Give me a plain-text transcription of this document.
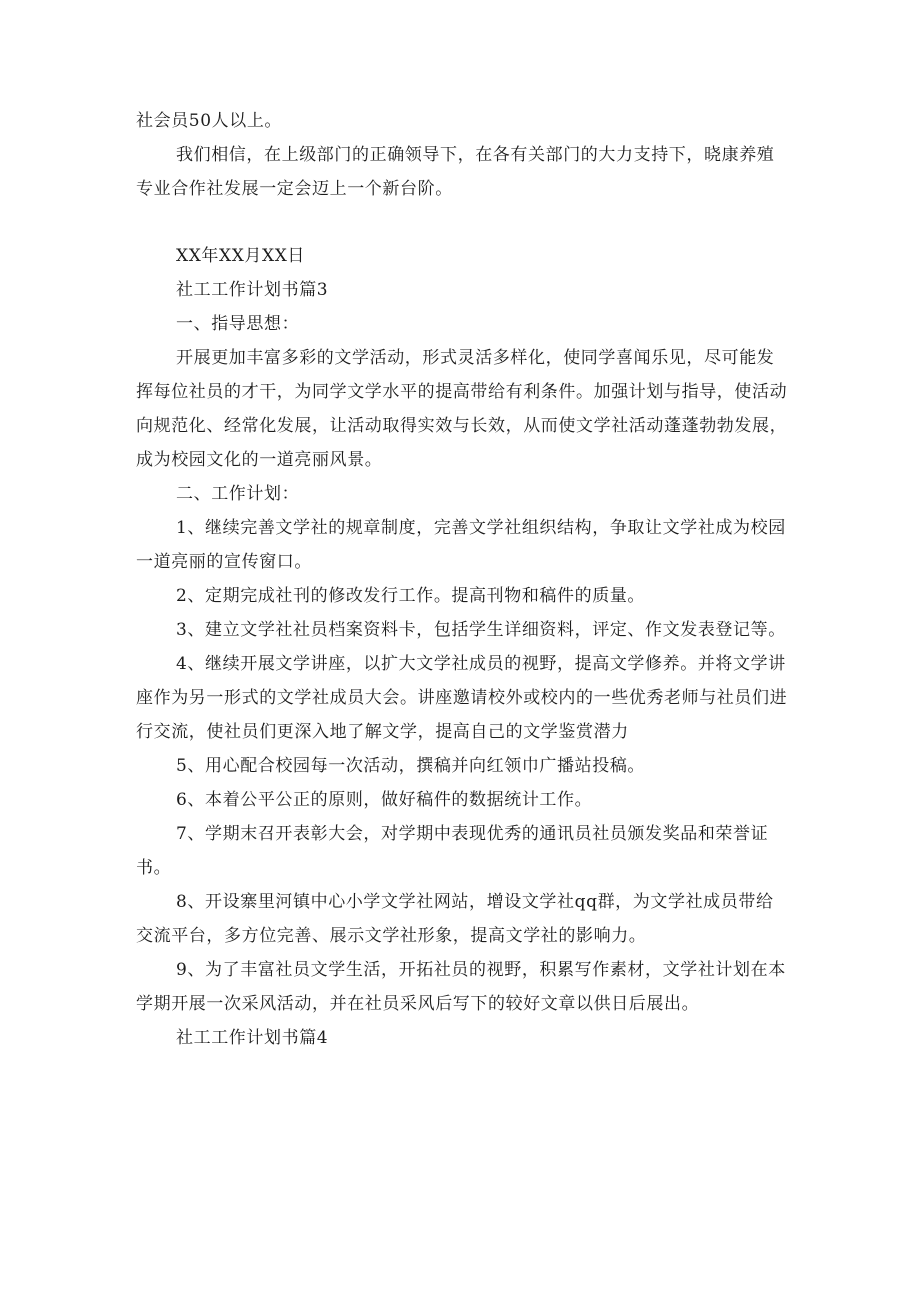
社会员50人以上。

我们相信，在上级部门的正确领导下，在各有关部门的大力支持下，晓康养殖专业合作社发展一定会迈上一个新台阶。

XX年XX月XX日

社工工作计划书篇3

一、指导思想：

开展更加丰富多彩的文学活动，形式灵活多样化，使同学喜闻乐见，尽可能发挥每位社员的才干，为同学文学水平的提高带给有利条件。加强计划与指导，使活动向规范化、经常化发展，让活动取得实效与长效，从而使文学社活动蓬蓬勃勃发展，成为校园文化的一道亮丽风景。

二、工作计划：

1、继续完善文学社的规章制度，完善文学社组织结构，争取让文学社成为校园一道亮丽的宣传窗口。

2、定期完成社刊的修改发行工作。提高刊物和稿件的质量。

3、建立文学社社员档案资料卡，包括学生详细资料，评定、作文发表登记等。

4、继续开展文学讲座，以扩大文学社成员的视野，提高文学修养。并将文学讲座作为另一形式的文学社成员大会。讲座邀请校外或校内的一些优秀老师与社员们进行交流，使社员们更深入地了解文学，提高自己的文学鉴赏潜力

5、用心配合校园每一次活动，撰稿并向红领巾广播站投稿。

6、本着公平公正的原则，做好稿件的数据统计工作。

7、学期末召开表彰大会，对学期中表现优秀的通讯员社员颁发奖品和荣誉证书。

8、开设寨里河镇中心小学文学社网站，增设文学社qq群，为文学社成员带给交流平台，多方位完善、展示文学社形象，提高文学社的影响力。

9、为了丰富社员文学生活，开拓社员的视野，积累写作素材，文学社计划在本学期开展一次采风活动，并在社员采风后写下的较好文章以供日后展出。

社工工作计划书篇4
